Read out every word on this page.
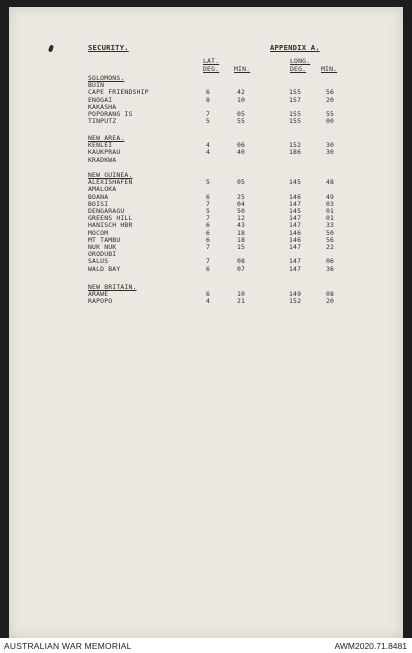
SECURITY.	APPENDIX A.
LAT.
DEG. MIN.
LONG.
DEG. MIN.
SOLOMONS.
BUIN
CAPE FRIENDSHIP	6	42	155	56
ENOGAI	8	10	157	20
KAKASHA
POPORANG IS	7	05	155	55
TINPUTZ	5	55	155	00
NEW AREA.
KENLEI	4	06	152	30
KAUKPRAU	4	40	186	30
KRADKWA
NEW GUINEA.
ALEXISHAFEN	5	05	145	48
AMALOKA
BOANA	6	25	146	49
BOISI	7	04	147	03
DENGARAGU	5	50	145	01
GREENS HILL	7	12	147	01
HANISCH HBR	6	43	147	33
MOCOM	6	18	146	50
MT TAMBU	6	18	146	56
NUK NUK	7	15	147	22
ORODUBI
SALUS	7	08	147	06
WALD BAY	6	07	147	36
NEW BRITAIN.
ARAWE	6	10	149	08
RAPOPO	4	21	152	20
AUSTRALIAN WAR MEMORIAL	AWM2020.71.8481
